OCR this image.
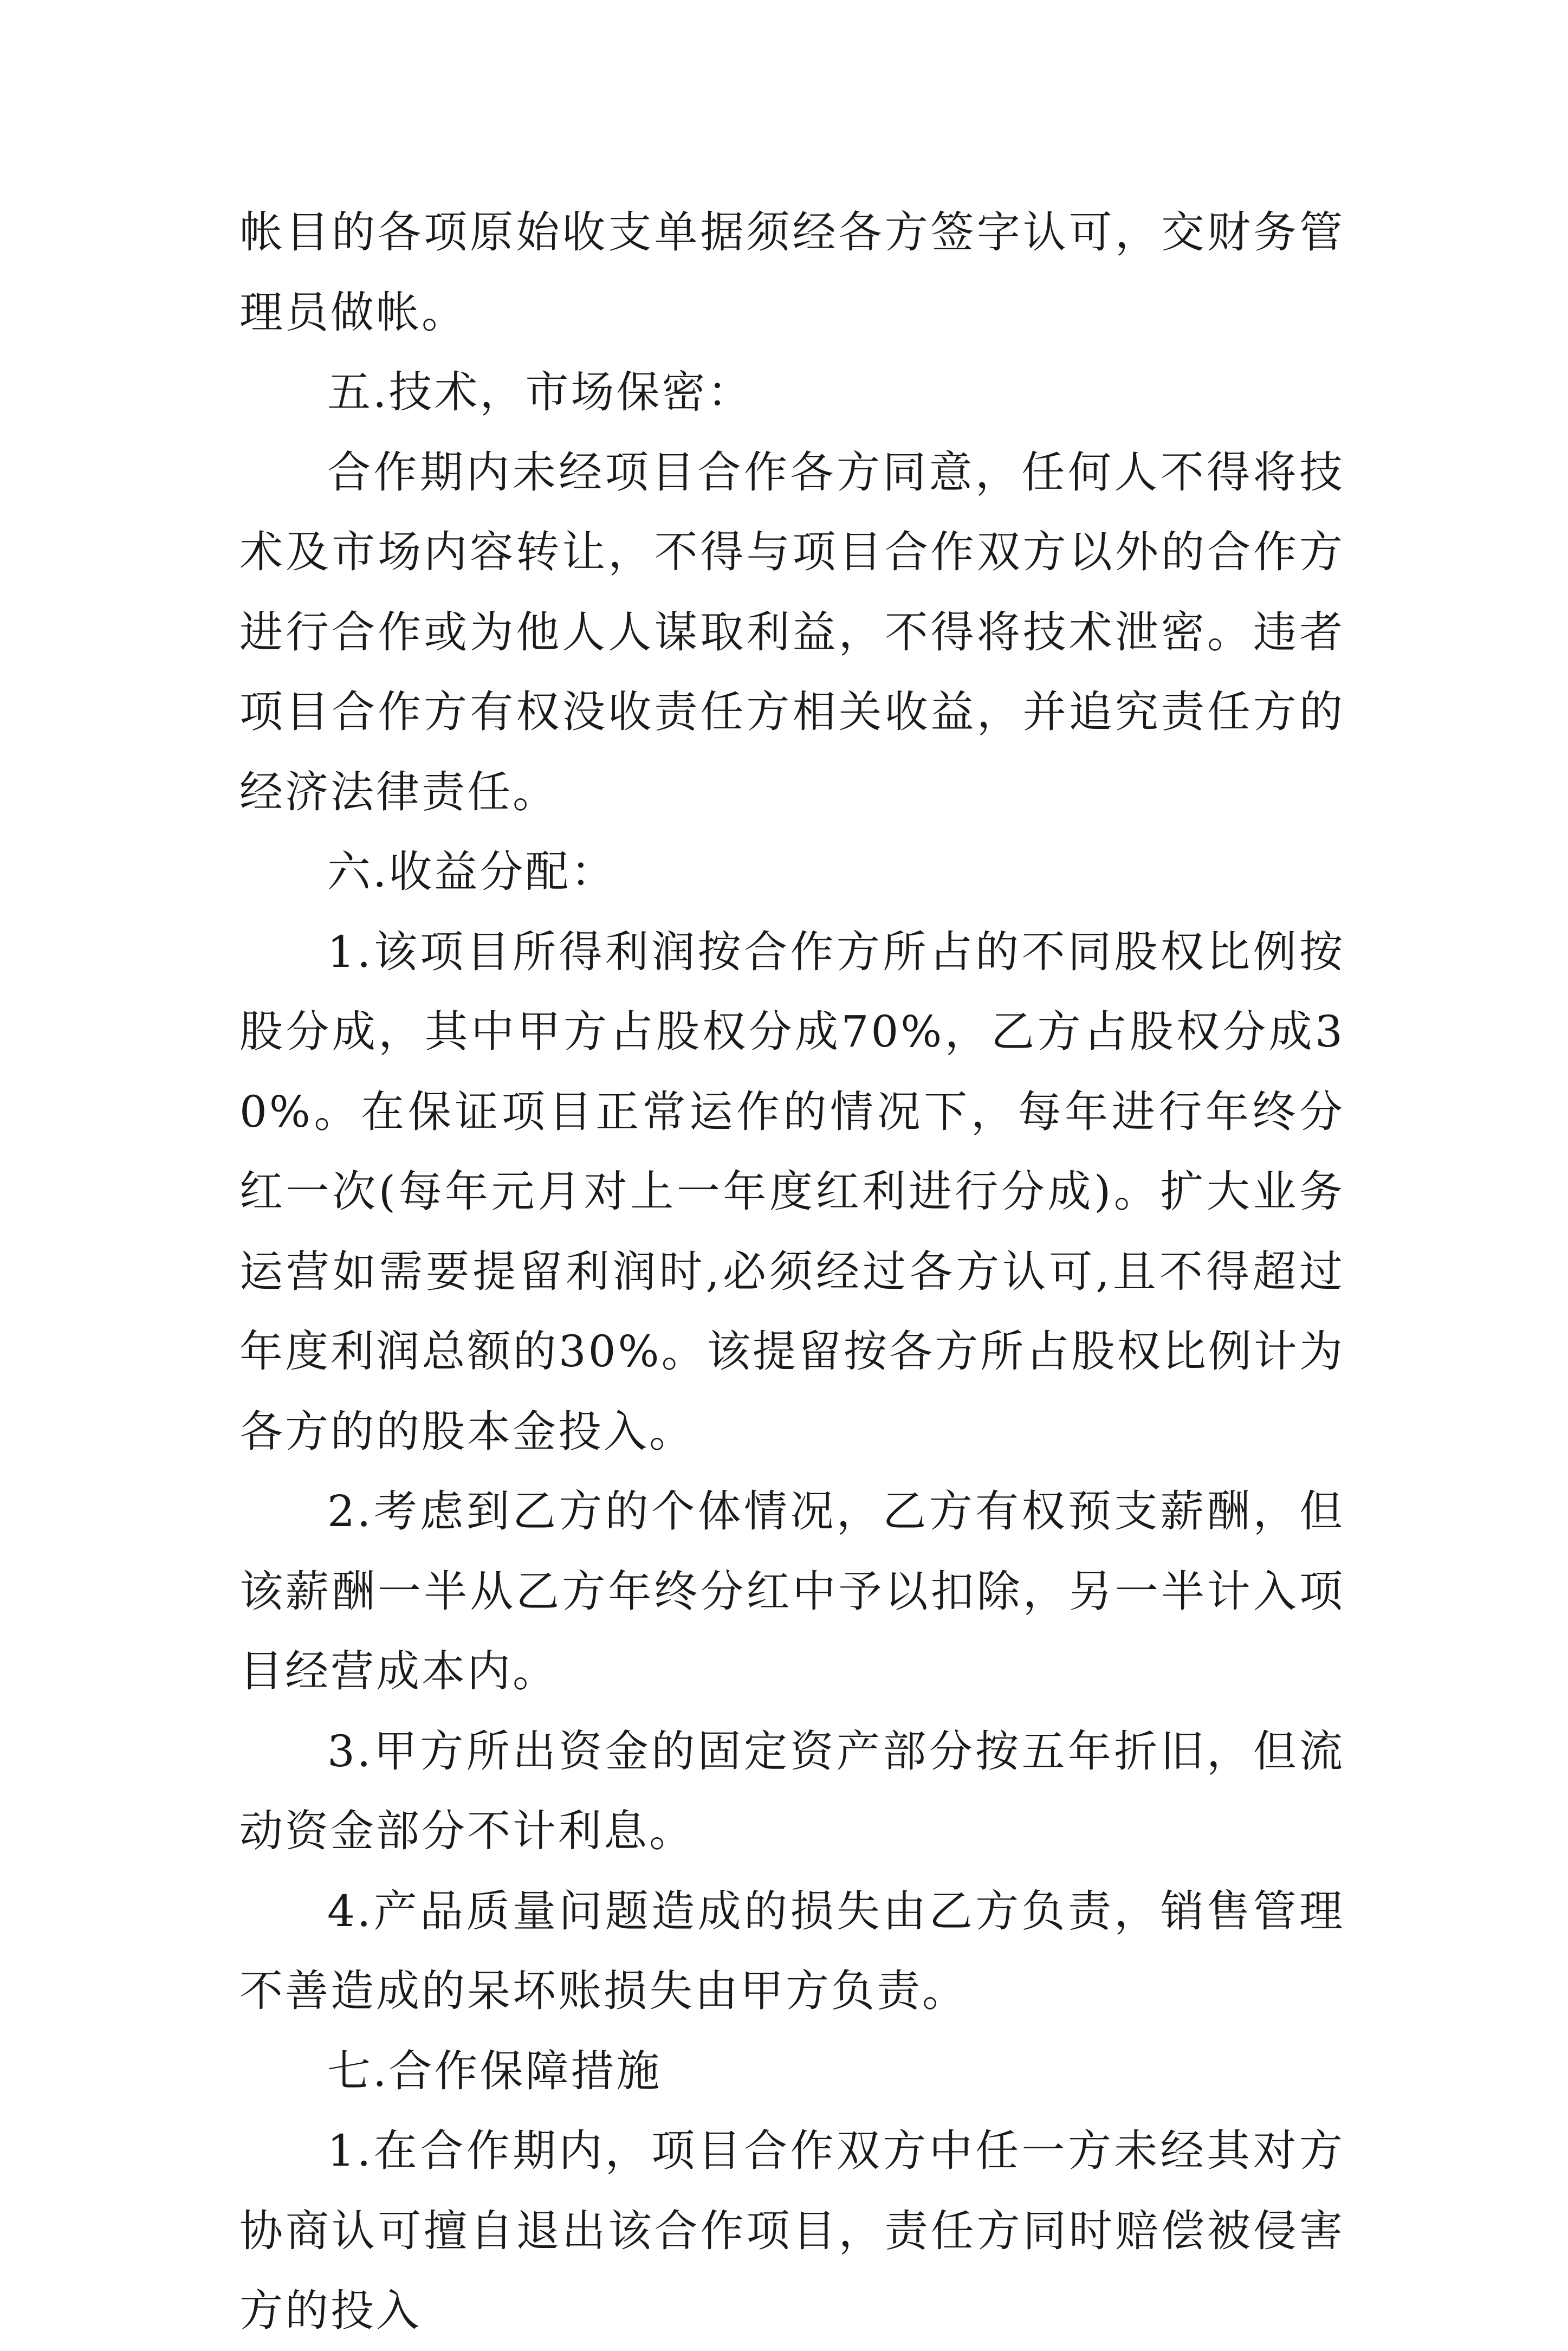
帐目的各项原始收支单据须经各方签字认可，交财务管理员做帐。

五.技术，市场保密：

合作期内未经项目合作各方同意，任何人不得将技术及市场内容转让，不得与项目合作双方以外的合作方进行合作或为他人人谋取利益，不得将技术泄密。违者项目合作方有权没收责任方相关收益，并追究责任方的经济法律责任。

六.收益分配：

1.该项目所得利润按合作方所占的不同股权比例按股分成，其中甲方占股权分成70%，乙方占股权分成30%。在保证项目正常运作的情况下，每年进行年终分红一次(每年元月对上一年度红利进行分成)。扩大业务运营如需要提留利润时,必须经过各方认可,且不得超过年度利润总额的30%。该提留按各方所占股权比例计为各方的的股本金投入。

2.考虑到乙方的个体情况，乙方有权预支薪酬，但该薪酬一半从乙方年终分红中予以扣除，另一半计入项目经营成本内。

3.甲方所出资金的固定资产部分按五年折旧，但流动资金部分不计利息。

4.产品质量问题造成的损失由乙方负责，销售管理不善造成的呆坏账损失由甲方负责。

七.合作保障措施

1.在合作期内，项目合作双方中任一方未经其对方协商认可擅自退出该合作项目，责任方同时赔偿被侵害方的投入
